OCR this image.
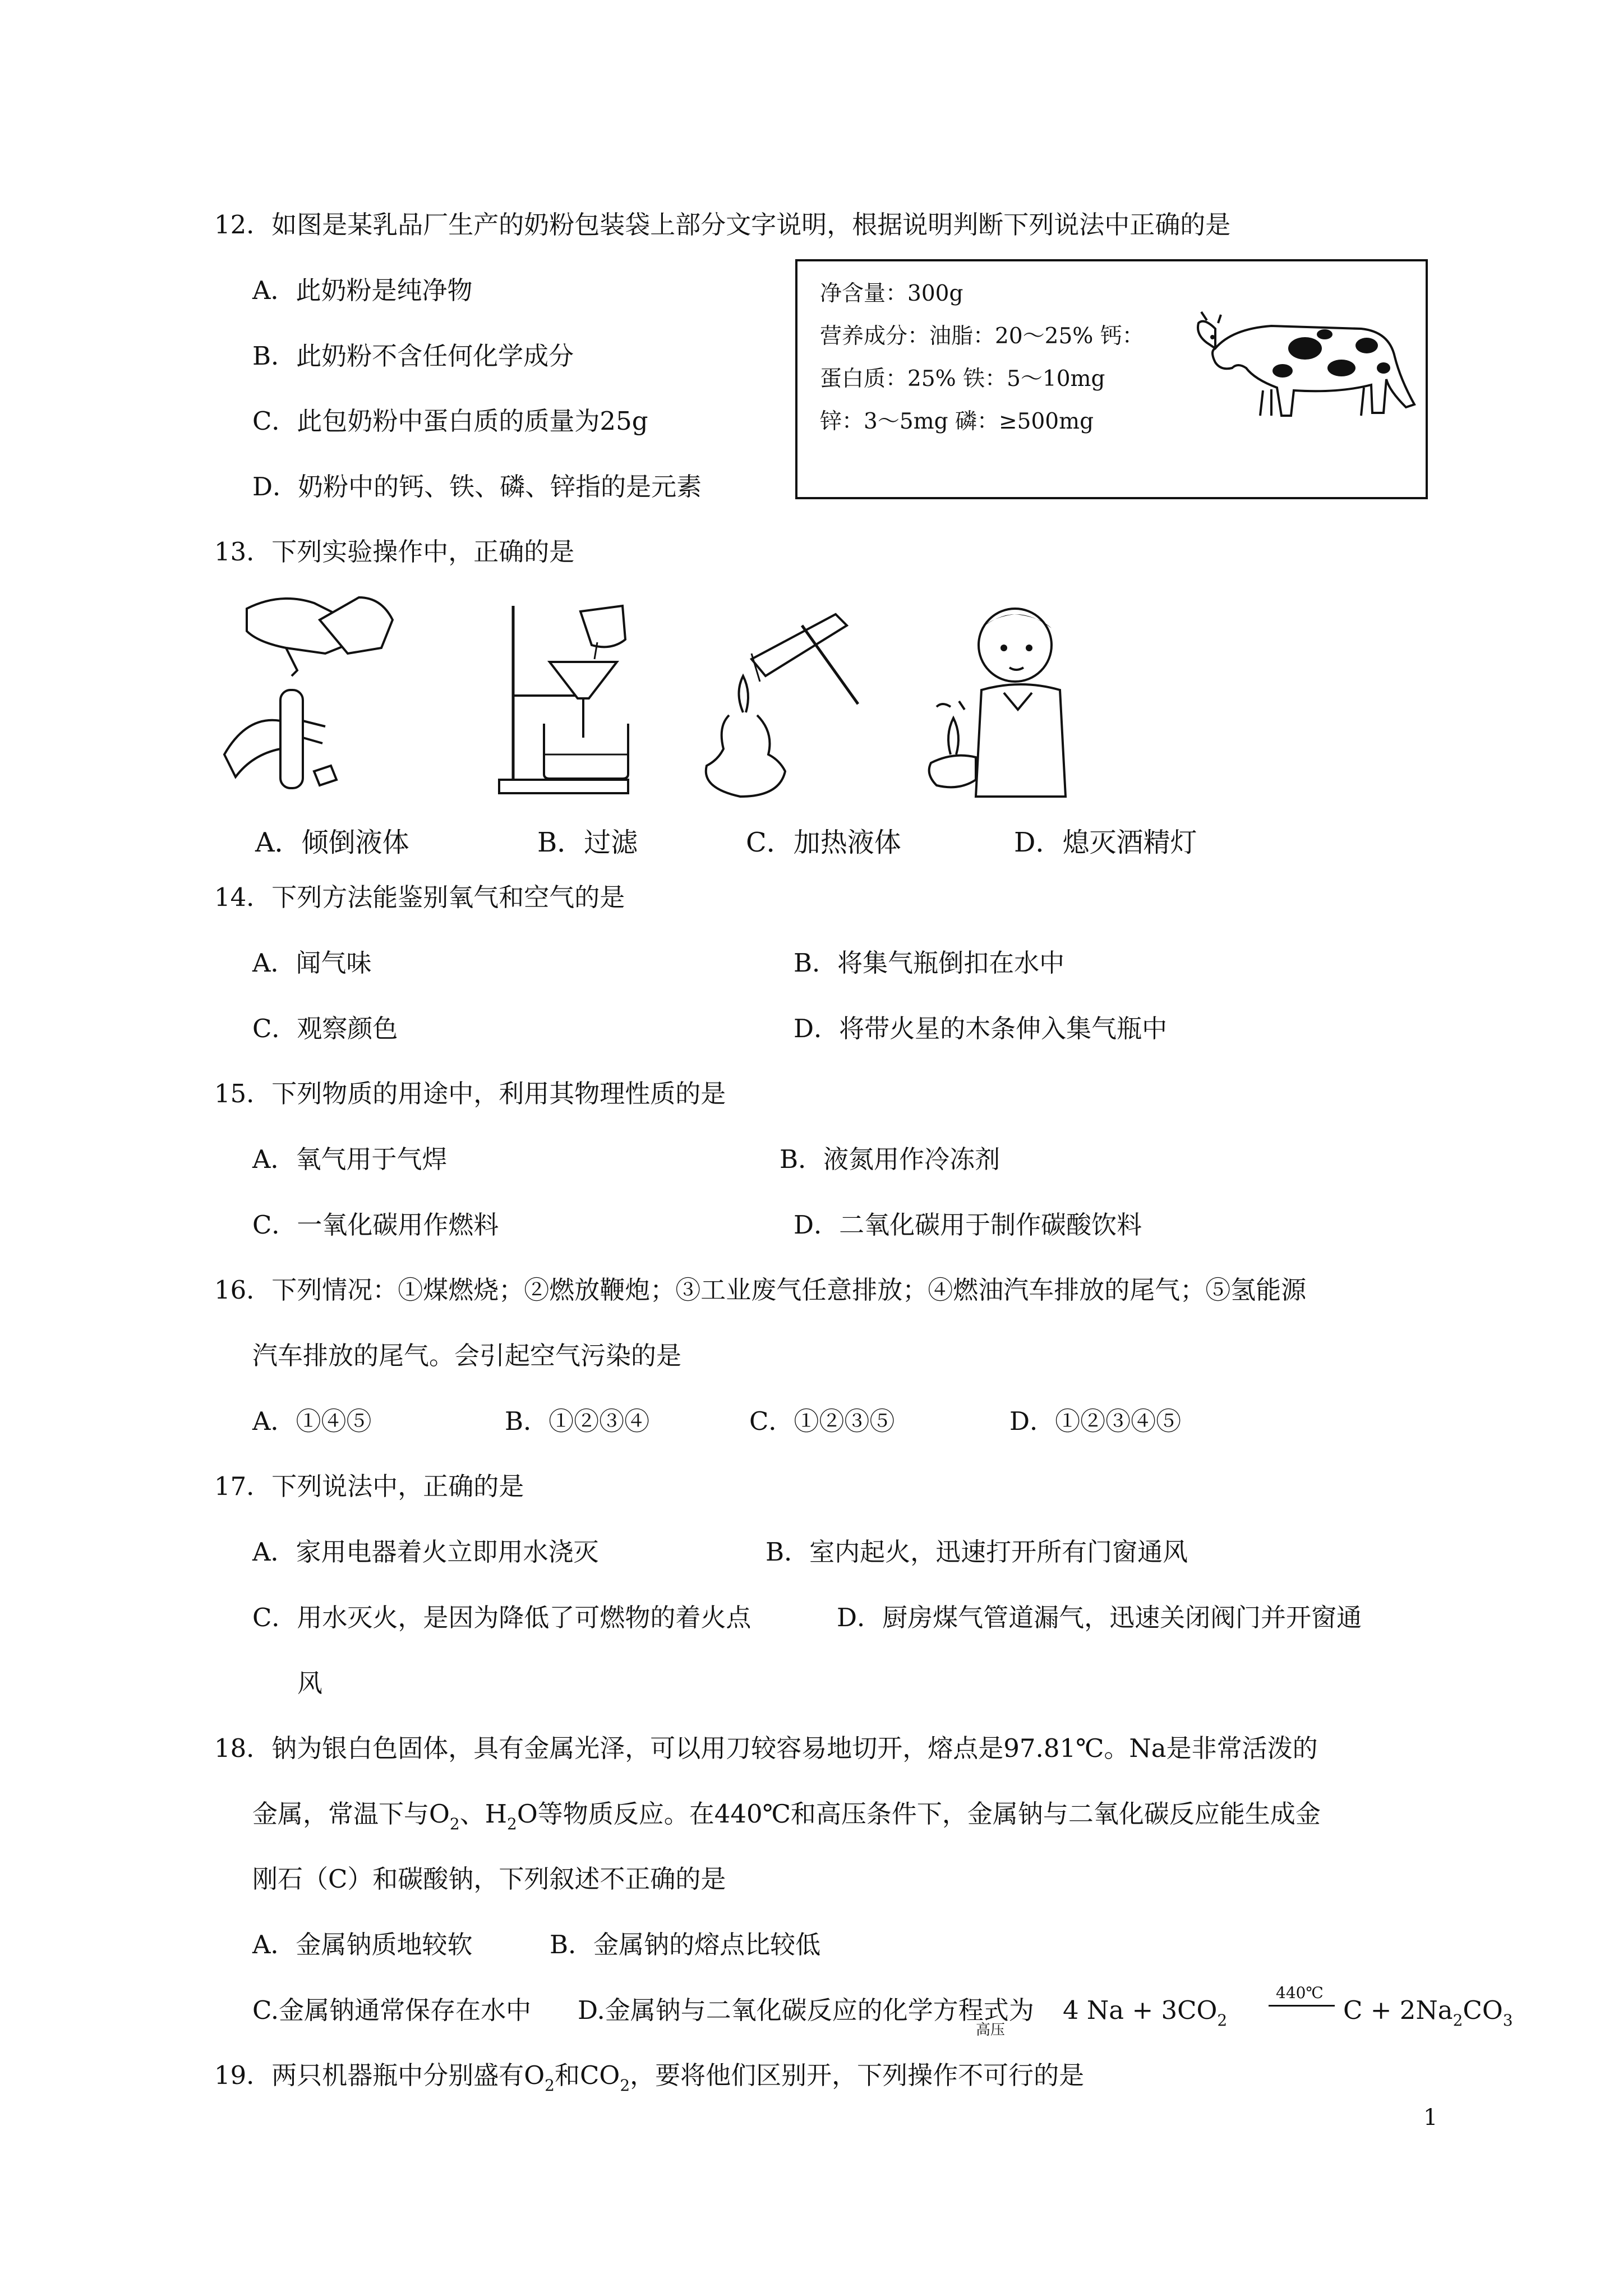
12．如图是某乳品厂生产的奶粉包装袋上部分文字说明，根据说明判断下列说法中正确的是
A．此奶粉是纯净物
B．此奶粉不含任何化学成分
C．此包奶粉中蛋白质的质量为25g
D．奶粉中的钙、铁、磷、锌指的是元素
净含量：300g
营养成分：油脂：20～25% 钙：
蛋白质：25% 铁：5～10mg
锌：3～5mg 磷：≥500mg
13．下列实验操作中，正确的是
A．倾倒液体	B．过滤	C．加热液体	D．熄灭酒精灯
14．下列方法能鉴别氧气和空气的是
A．闻气味	B．将集气瓶倒扣在水中
C．观察颜色	D．将带火星的木条伸入集气瓶中
15．下列物质的用途中，利用其物理性质的是
A．氧气用于气焊	B．液氮用作冷冻剂
C．一氧化碳用作燃料	D．二氧化碳用于制作碳酸饮料
16．下列情况：①煤燃烧；②燃放鞭炮；③工业废气任意排放；④燃油汽车排放的尾气；⑤氢能源
汽车排放的尾气。会引起空气污染的是
A．①④⑤	B．①②③④	C．①②③⑤	D．①②③④⑤
17．下列说法中，正确的是
A．家用电器着火立即用水浇灭	B．室内起火，迅速打开所有门窗通风
C．用水灭火，是因为降低了可燃物的着火点	D．厨房煤气管道漏气，迅速关闭阀门并开窗通
风
18．钠为银白色固体，具有金属光泽，可以用刀较容易地切开，熔点是97.81℃。Na是非常活泼的
金属，常温下与$O_2$、$H_2O$等物质反应。在440℃和高压条件下，金属钠与二氧化碳反应能生成金
刚石（C）和碳酸钠，下列叙述不正确的是
A．金属钠质地较软	B．金属钠的熔点比较低
C.金属钠通常保存在水中 D.金属钠与二氧化碳反应的化学方程式为 4 $Na + 3CO_2$
440℃
高压
$C + 2Na_2CO_3$
19．两只机器瓶中分别盛有$O_2$和$CO_2$，要将他们区别开，下列操作不可行的是
1
